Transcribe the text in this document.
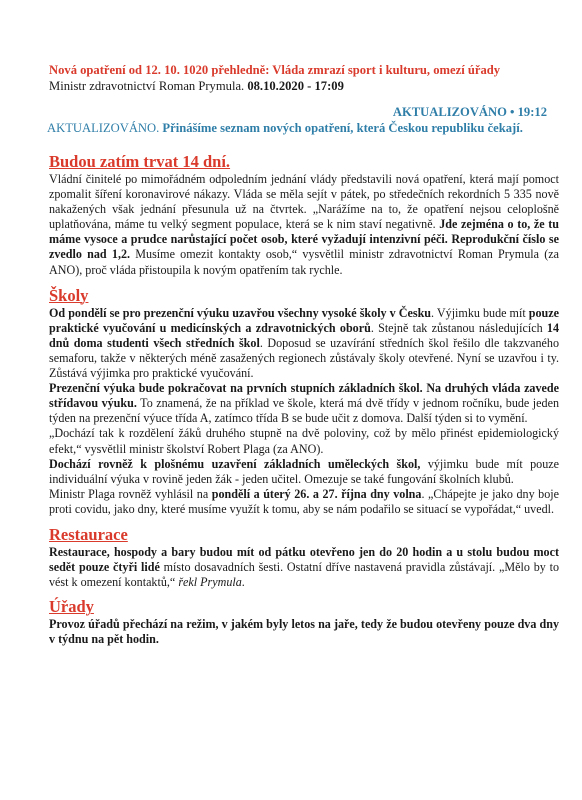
Nová opatření od 12. 10. 1020 přehledně: Vláda zmrazí sport i kulturu, omezí úřady
Ministr zdravotnictví Roman Prymula. 08.10.2020 - 17:09
AKTUALIZOVÁNO • 19:12
AKTUALIZOVÁNO. Přinášíme seznam nových opatření, která Českou republiku čekají.
Budou zatím trvat 14 dní.

Vládní činitelé po mimořádném odpoledním jednání vlády představili nová opatření, která mají pomoct zpomalit šíření koronavirové nákazy. Vláda se měla sejít v pátek, po středečních rekordních 5 335 nově nakažených však jednání přesunula už na čtvrtek. „Narážíme na to, že opatření nejsou celoplošně uplatňována, máme tu velký segment populace, která se k nim staví negativně. Jde zejména o to, že tu máme vysoce a prudce narůstající počet osob, které vyžadují intenzivní péči. Reprodukční číslo se zvedlo nad 1,2. Musíme omezit kontakty osob,“ vysvětlil ministr zdravotnictví Roman Prymula (za ANO), proč vláda přistoupila k novým opatřením tak rychle.

Školy

Od pondělí se pro prezenční výuku uzavřou všechny vysoké školy v Česku. Výjimku bude mít pouze praktické vyučování u medicínských a zdravotnických oborů. Stejně tak zůstanou následujících 14 dnů doma studenti všech středních škol. Doposud se uzavírání středních škol řešilo dle takzvaného semaforu, takže v některých méně zasažených regionech zůstávaly školy otevřené. Nyní se uzavřou i ty. Zůstává výjimka pro praktické vyučování.

Prezenční výuka bude pokračovat na prvních stupních základních škol. Na druhých vláda zavede střídavou výuku. To znamená, že na příklad ve škole, která má dvě třídy v jednom ročníku, bude jeden týden na prezenční výuce třída A, zatímco třída B se bude učit z domova. Další týden si to vymění.

„Dochází tak k rozdělení žáků druhého stupně na dvě poloviny, což by mělo přinést epidemiologický efekt,“ vysvětlil ministr školství Robert Plaga (za ANO).

Dochází rovněž k plošnému uzavření základních uměleckých škol, výjimku bude mít pouze individuální výuka v rovině jeden žák - jeden učitel. Omezuje se také fungování školních klubů.

Ministr Plaga rovněž vyhlásil na pondělí a úterý 26. a 27. října dny volna. „Chápejte je jako dny boje proti covidu, jako dny, které musíme využít k tomu, aby se nám podařilo se situací se vypořádat,“ uvedl.

Restaurace

Restaurace, hospody a bary budou mít od pátku otevřeno jen do 20 hodin a u stolu budou moct sedět pouze čtyři lidé místo dosavadních šesti. Ostatní dříve nastavená pravidla zůstávají. „Mělo by to vést k omezení kontaktů,“ řekl Prymula.

Úřady

Provoz úřadů přechází na režim, v jakém byly letos na jaře, tedy že budou otevřeny pouze dva dny v týdnu na pět hodin.
